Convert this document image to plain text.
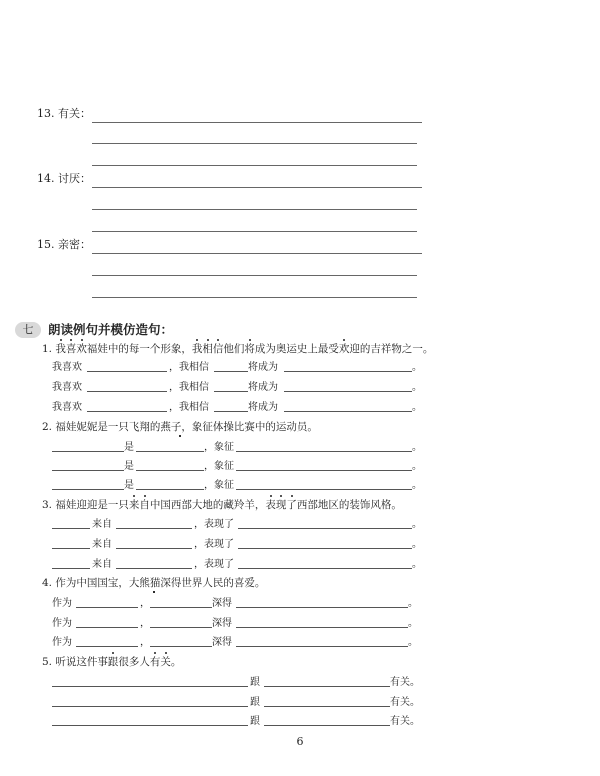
13. 有关：
14. 讨厌：
15. 亲密：
七	朗读例句并模仿造句：
1. 我喜欢福娃中的每一个形象，我相信他们将成为奥运史上最受欢迎的吉祥物之一。
我喜欢	，我相信	将成为	。
我喜欢	，我相信	将成为	。
我喜欢	，我相信	将成为	。
2. 福娃妮妮是一只飞翔的燕子，象征体操比赛中的运动员。
是	，象征	。
是	，象征	。
是	，象征	。
3. 福娃迎迎是一只来自中国西部大地的藏羚羊，表现了西部地区的装饰风格。
来自	，表现了	。
来自	，表现了	。
来自	，表现了	。
4. 作为中国国宝，大熊猫深得世界人民的喜爱。
作为	，	深得	。
作为	，	深得	。
作为	，	深得	。
5. 听说这件事跟很多人有关。
跟	有关。
跟	有关。
跟	有关。
6
